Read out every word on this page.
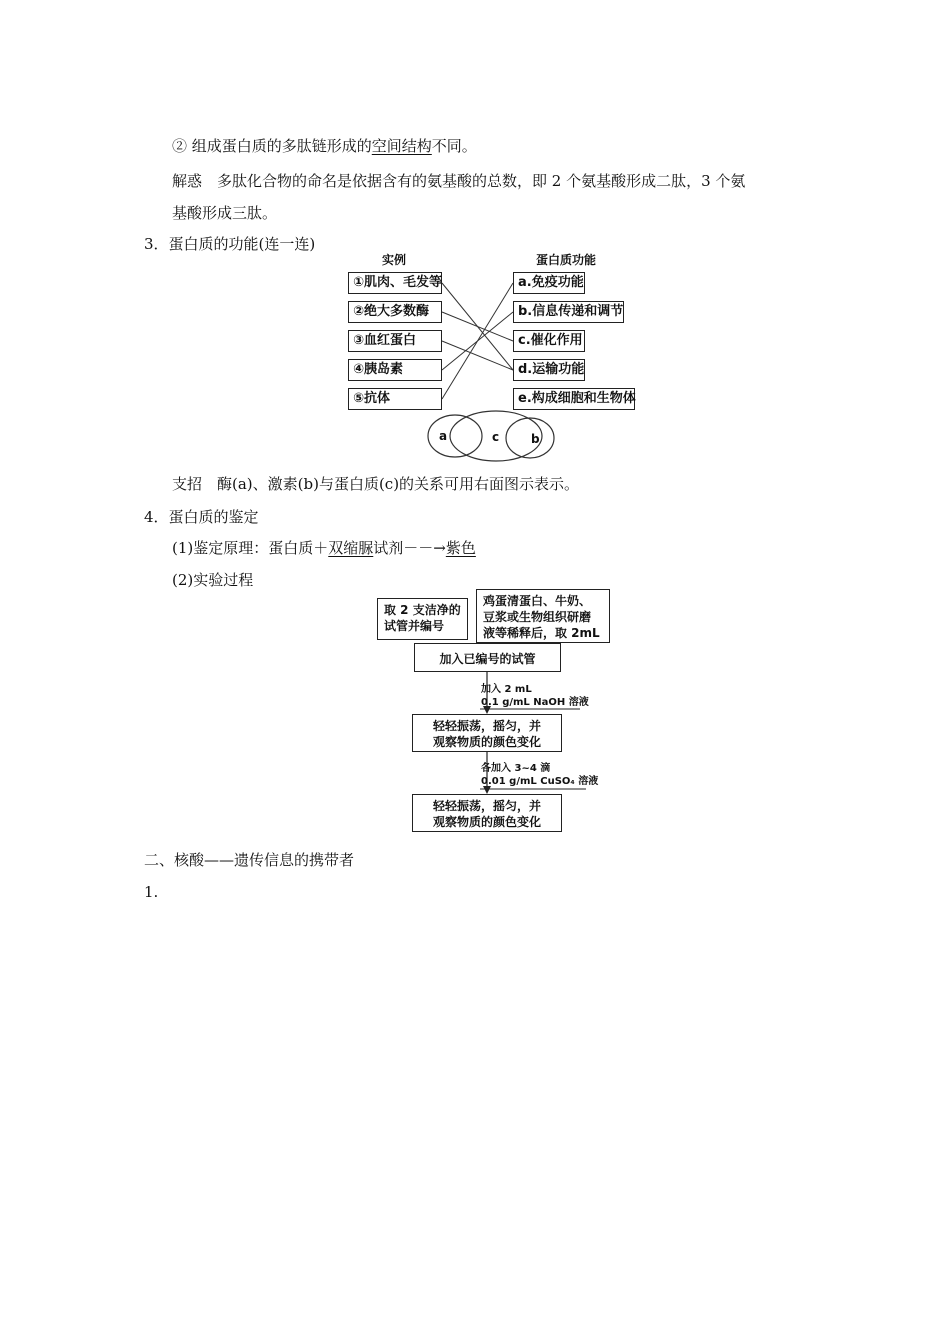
② 组成蛋白质的多肽链形成的空间结构不同。
解惑　多肽化合物的命名是依据含有的氨基酸的总数，即 2 个氨基酸形成二肽，3 个氨
基酸形成三肽。
3．蛋白质的功能(连一连)
实例	蛋白质功能
①肌肉、毛发等
②绝大多数酶
③血红蛋白
④胰岛素
⑤抗体
a.免疫功能
b.信息传递和调节
c.催化作用
d.运输功能
e.构成细胞和生物体
a	c	b
支招　酶(a)、激素(b)与蛋白质(c)的关系可用右面图示表示。
4．蛋白质的鉴定
(1)鉴定原理：蛋白质＋双缩脲试剂－－→紫色
(2)实验过程
取 2 支洁净的
试管并编号
鸡蛋清蛋白、牛奶、
豆浆或生物组织研磨
液等稀释后，取 2mL
加入已编号的试管
加入 2 mL
0.1 g/mL NaOH 溶液
轻轻振荡，摇匀，并
观察物质的颜色变化
各加入 3~4 滴
0.01 g/mL CuSO₄ 溶液
轻轻振荡，摇匀，并
观察物质的颜色变化
二、核酸——遗传信息的携带者
1.
